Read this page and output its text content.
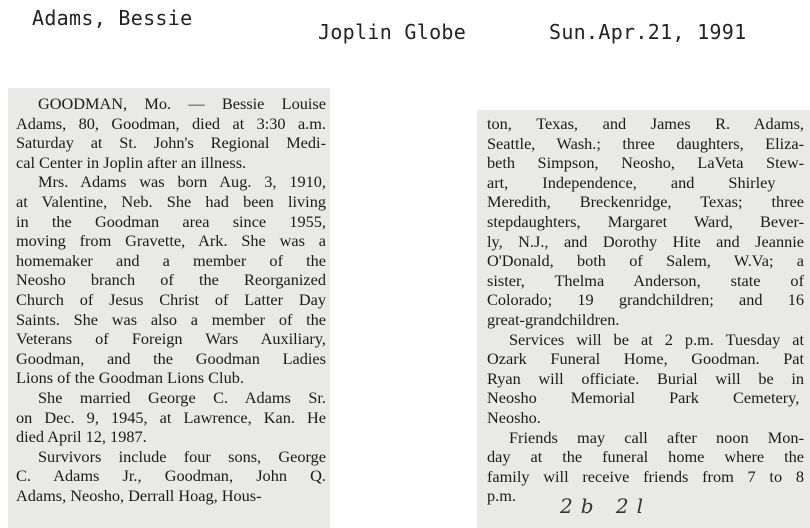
Adams, Bessie
Joplin Globe	Sun.Apr.21, 1991
GOODMAN, Mo. — Bessie Louise
Adams, 80, Goodman, died at 3:30 a.m.
Saturday at St. John's Regional Medi-
cal Center in Joplin after an illness.
Mrs. Adams was born Aug. 3, 1910,
at Valentine, Neb. She had been living
in the Goodman area since 1955,
moving from Gravette, Ark. She was a
homemaker and a member of the
Neosho branch of the Reorganized
Church of Jesus Christ of Latter Day
Saints. She was also a member of the
Veterans of Foreign Wars Auxiliary,
Goodman, and the Goodman Ladies
Lions of the Goodman Lions Club.
She married George C. Adams Sr.
on Dec. 9, 1945, at Lawrence, Kan. He
died April 12, 1987.
Survivors include four sons, George
C. Adams Jr., Goodman, John Q.
Adams, Neosho, Derrall Hoag, Hous-
ton, Texas, and James R. Adams,
Seattle, Wash.; three daughters, Eliza-
beth Simpson, Neosho, LaVeta Stew-
art, Independence, and Shirley
Meredith, Breckenridge, Texas; three
stepdaughters, Margaret Ward, Bever-
ly, N.J., and Dorothy Hite and Jeannie
O'Donald, both of Salem, W.Va; a
sister, Thelma Anderson, state of
Colorado; 19 grandchildren; and 16
great-grandchildren.
Services will be at 2 p.m. Tuesday at
Ozark Funeral Home, Goodman. Pat
Ryan will officiate. Burial will be in
Neosho Memorial Park Cemetery,
Neosho.
Friends may call after noon Mon-
day at the funeral home where the
family will receive friends from 7 to 8
p.m.	2b 2l
